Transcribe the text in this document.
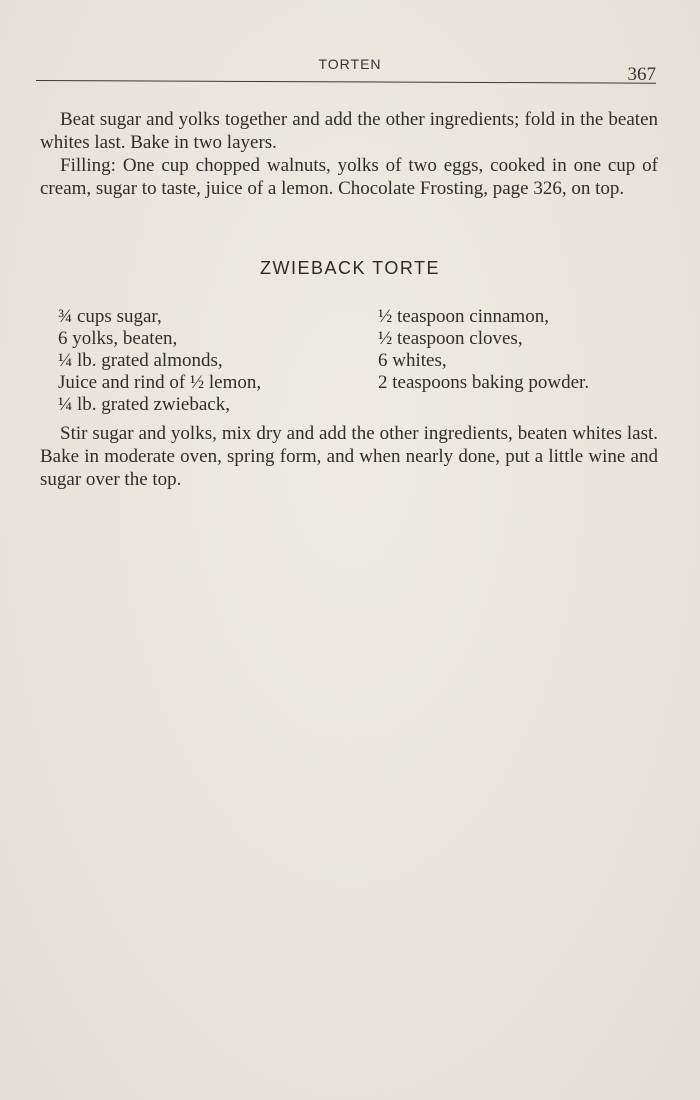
TORTEN	367

Beat sugar and yolks together and add the other ingredients; fold in the beaten whites last. Bake in two layers.

Filling: One cup chopped walnuts, yolks of two eggs, cooked in one cup of cream, sugar to taste, juice of a lemon. Chocolate Frosting, page 326, on top.

ZWIEBACK TORTE
¾ cups sugar,
6 yolks, beaten,
¼ lb. grated almonds,
Juice and rind of ½ lemon,
¼ lb. grated zwieback,
½ teaspoon cinnamon,
½ teaspoon cloves,
6 whites,
2 teaspoons baking powder.

Stir sugar and yolks, mix dry and add the other ingredients, beaten whites last. Bake in moderate oven, spring form, and when nearly done, put a little wine and sugar over the top.
